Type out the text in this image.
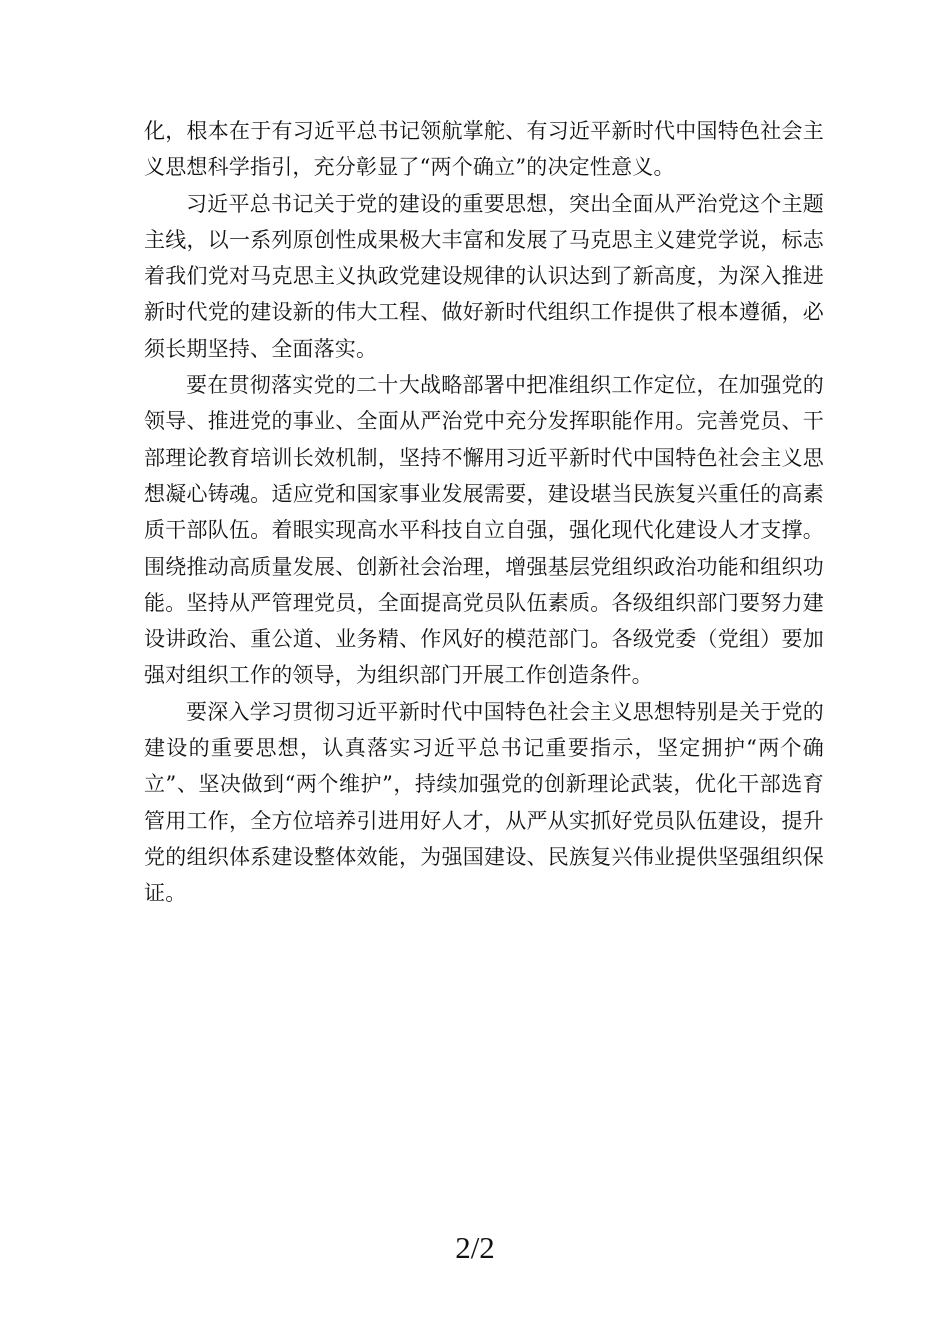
化，根本在于有习近平总书记领航掌舵、有习近平新时代中国特色社会主义思想科学指引，充分彰显了“两个确立”的决定性意义。

习近平总书记关于党的建设的重要思想，突出全面从严治党这个主题主线，以一系列原创性成果极大丰富和发展了马克思主义建党学说，标志着我们党对马克思主义执政党建设规律的认识达到了新高度，为深入推进新时代党的建设新的伟大工程、做好新时代组织工作提供了根本遵循，必须长期坚持、全面落实。

要在贯彻落实党的二十大战略部署中把准组织工作定位，在加强党的领导、推进党的事业、全面从严治党中充分发挥职能作用。完善党员、干部理论教育培训长效机制，坚持不懈用习近平新时代中国特色社会主义思想凝心铸魂。适应党和国家事业发展需要，建设堪当民族复兴重任的高素质干部队伍。着眼实现高水平科技自立自强，强化现代化建设人才支撑。围绕推动高质量发展、创新社会治理，增强基层党组织政治功能和组织功能。坚持从严管理党员，全面提高党员队伍素质。各级组织部门要努力建设讲政治、重公道、业务精、作风好的模范部门。各级党委（党组）要加强对组织工作的领导，为组织部门开展工作创造条件。

要深入学习贯彻习近平新时代中国特色社会主义思想特别是关于党的建设的重要思想，认真落实习近平总书记重要指示，坚定拥护“两个确立”、坚决做到“两个维护”，持续加强党的创新理论武装，优化干部选育管用工作，全方位培养引进用好人才，从严从实抓好党员队伍建设，提升党的组织体系建设整体效能，为强国建设、民族复兴伟业提供坚强组织保证。

2/2
